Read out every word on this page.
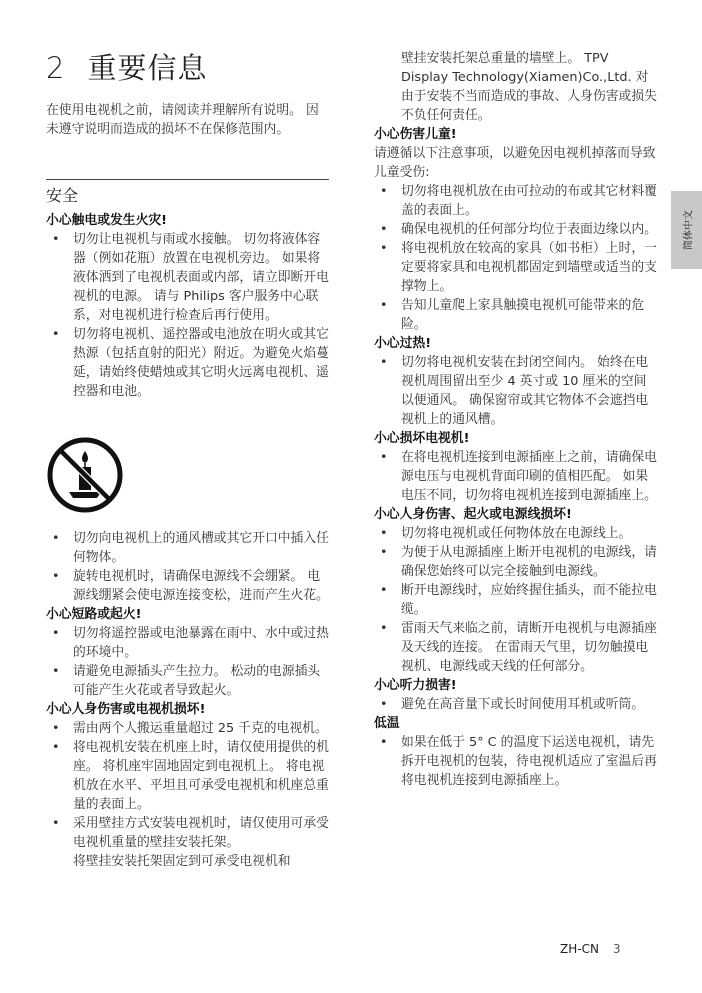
2 重要信息
在使用电视机之前，请阅读并理解所有说明。 因未遵守说明而造成的损坏不在保修范围内。
安全
小心触电或发生火灾!
• 切勿让电视机与雨或水接触。 切勿将液体容器（例如花瓶）放置在电视机旁边。 如果将液体洒到了电视机表面或内部，请立即断开电视机的电源。 请与 Philips 客户服务中心联系，对电视机进行检查后再行使用。
• 切勿将电视机、遥控器或电池放在明火或其它热源（包括直射的阳光）附近。为避免火焰蔓延，请始终使蜡烛或其它明火远离电视机、遥控器和电池。
• 切勿向电视机上的通风槽或其它开口中插入任何物体。
• 旋转电视机时，请确保电源线不会绷紧。 电源线绷紧会使电源连接变松，进而产生火花。
小心短路或起火!
• 切勿将遥控器或电池暴露在雨中、水中或过热的环境中。
• 请避免电源插头产生拉力。 松动的电源插头可能产生火花或者导致起火。
小心人身伤害或电视机损坏!
• 需由两个人搬运重量超过 25 千克的电视机。
• 将电视机安装在机座上时，请仅使用提供的机座。 将机座牢固地固定到电视机上。 将电视机放在水平、平坦且可承受电视机和机座总重量的表面上。
• 采用壁挂方式安装电视机时，请仅使用可承受电视机重量的壁挂安装托架。
将壁挂安装托架固定到可承受电视机和
壁挂安装托架总重量的墙壁上。 TPV Display Technology(Xiamen)Co.,Ltd. 对由于安装不当而造成的事故、人身伤害或损失不负任何责任。
小心伤害儿童!
请遵循以下注意事项，以避免因电视机掉落而导致儿童受伤:
• 切勿将电视机放在由可拉动的布或其它材料覆盖的表面上。
• 确保电视机的任何部分均位于表面边缘以内。
• 将电视机放在较高的家具（如书柜）上时，一定要将家具和电视机都固定到墙壁或适当的支撑物上。
• 告知儿童爬上家具触摸电视机可能带来的危险。
小心过热!
• 切勿将电视机安装在封闭空间内。 始终在电视机周围留出至少 4 英寸或 10 厘米的空间以便通风。 确保窗帘或其它物体不会遮挡电视机上的通风槽。
小心损坏电视机!
• 在将电视机连接到电源插座上之前，请确保电源电压与电视机背面印刷的值相匹配。 如果电压不同，切勿将电视机连接到电源插座上。
小心人身伤害、起火或电源线损坏!
• 切勿将电视机或任何物体放在电源线上。
• 为便于从电源插座上断开电视机的电源线，请确保您始终可以完全接触到电源线。
• 断开电源线时，应始终握住插头，而不能拉电缆。
• 雷雨天气来临之前，请断开电视机与电源插座及天线的连接。 在雷雨天气里，切勿触摸电视机、电源线或天线的任何部分。
小心听力损害!
• 避免在高音量下或长时间使用耳机或听筒。
低温
• 如果在低于 5° C 的温度下运送电视机，请先拆开电视机的包装，待电视机适应了室温后再将电视机连接到电源插座上。
简体中文
ZH-CN 3
